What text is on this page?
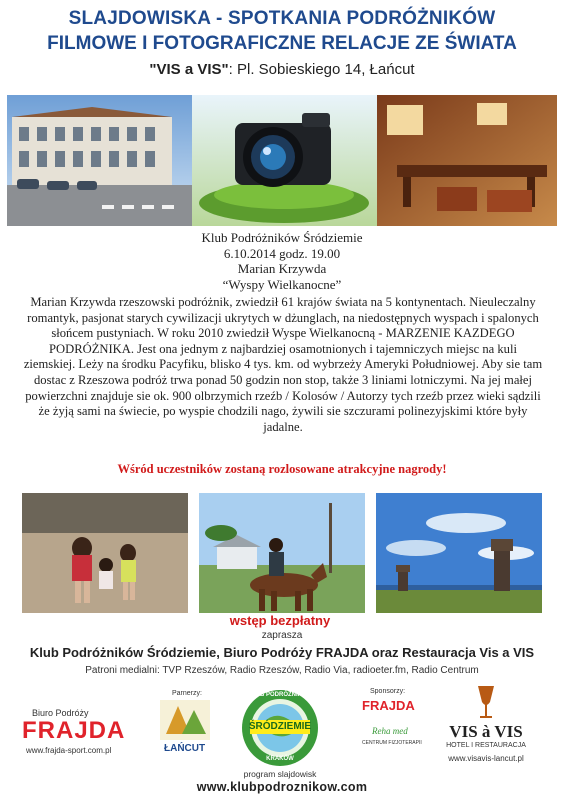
SLAJDOWISKA - SPOTKANIA PODRÓŻNIKÓW
FILMOWE I FOTOGRAFICZNE RELACJE ZE ŚWIATA
"VIS a VIS": Pl. Sobieskiego 14, Łańcut
Klub Podróżników Śródziemie
6.10.2014 godz. 19.00
Marian Krzywda
“Wyspy Wielkanocne”
Marian Krzywda rzeszowski podróżnik, zwiedził 61 krajów świata na 5 kontynentach. Nieuleczalny romantyk, pasjonat starych cywilizacji ukrytych w dżunglach, na niedostępnych wyspach i spalonych słońcem pustyniach. W roku 2010 zwiedził Wyspe Wielkanocną - MARZENIE KAZDEGO PODRÓŻNIKA. Jest ona jednym z najbardziej osamotnionych i tajemniczych miejsc na kuli ziemskiej. Leży na środku Pacyfiku, blisko 4 tys. km. od wybrzeży Ameryki Południowej. Aby sie tam dostac z Rzeszowa podróż trwa ponad 50 godzin non stop, także 3 liniami lotniczymi. Na jej małej powierzchni znajduje sie ok. 900 olbrzymich rzeźb / Kolosów / Autorzy tych rzeźb przez wieki sądzili że żyją sami na świecie, po wyspie chodzili nago, żywili sie szczurami polinezyjskimi które były jadalne.
Wśród uczestników zostaną rozlosowane atrakcyjne nagrody!
wstęp bezpłatny
zaprasza
Klub Podróżników Śródziemie, Biuro Podróży FRAJDA oraz Restauracja Vis a VIS
Patroni medialni: TVP Rzeszów, Radio Rzeszów, Radio Via, radioeter.fm, Radio Centrum
Biuro Podróży
FRAJDA
www.frajda-sport.com.pl
Parnerzy:
ŁAŃCUT
ŚRÓDZIEMIE
KLUB PODRÓŻNIKÓW
KRAKÓW
Sponsorzy:
FRAJDA
Reha med
CENTRUM FIZJOTERAPII
VIS à VIS
HOTEL I RESTAURACJA
www.visavis-lancut.pl
program slajdowisk
www.klubpodroznikow.com
